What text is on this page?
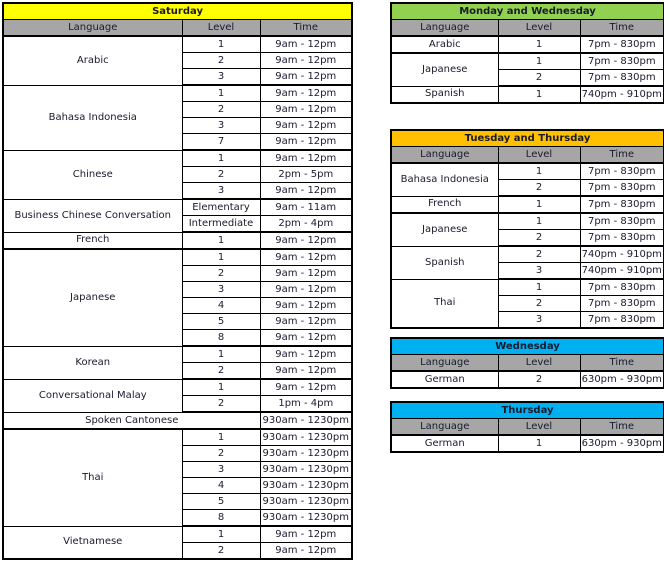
Saturday		
Language	Level	Time
Arabic	1	9am - 12pm
	2	9am - 12pm
	3	9am - 12pm
Bahasa Indonesia	1	9am - 12pm
	2	9am - 12pm
	3	9am - 12pm
	7	9am - 12pm
Chinese	1	9am - 12pm
	2	2pm - 5pm
	3	9am - 12pm
Business Chinese Conversation	Elementary	9am - 11am
	Intermediate	2pm - 4pm
French	1	9am - 12pm
Japanese	1	9am - 12pm
	2	9am - 12pm
	3	9am - 12pm
	4	9am - 12pm
	5	9am - 12pm
	8	9am - 12pm
Korean	1	9am - 12pm
	2	9am - 12pm
Conversational Malay	1	9am - 12pm
	2	1pm - 4pm
Spoken Cantonese		930am - 1230pm
Thai	1	930am - 1230pm
	2	930am - 1230pm
	3	930am - 1230pm
	4	930am - 1230pm
	5	930am - 1230pm
	8	930am - 1230pm
Vietnamese	1	9am - 12pm
	2	9am - 12pm
Monday and Wednesday		
Language	Level	Time
Arabic	1	7pm - 830pm
Japanese	1	7pm - 830pm
	2	7pm - 830pm
Spanish	1	740pm - 910pm
Tuesday and Thursday		
Language	Level	Time
Bahasa Indonesia	1	7pm - 830pm
	2	7pm - 830pm
French	1	7pm - 830pm
Japanese	1	7pm - 830pm
	2	7pm - 830pm
Spanish	2	740pm - 910pm
	3	740pm - 910pm
Thai	1	7pm - 830pm
	2	7pm - 830pm
	3	7pm - 830pm
Wednesday		
Language	Level	Time
German	2	630pm - 930pm
Thursday		
Language	Level	Time
German	1	630pm - 930pm
